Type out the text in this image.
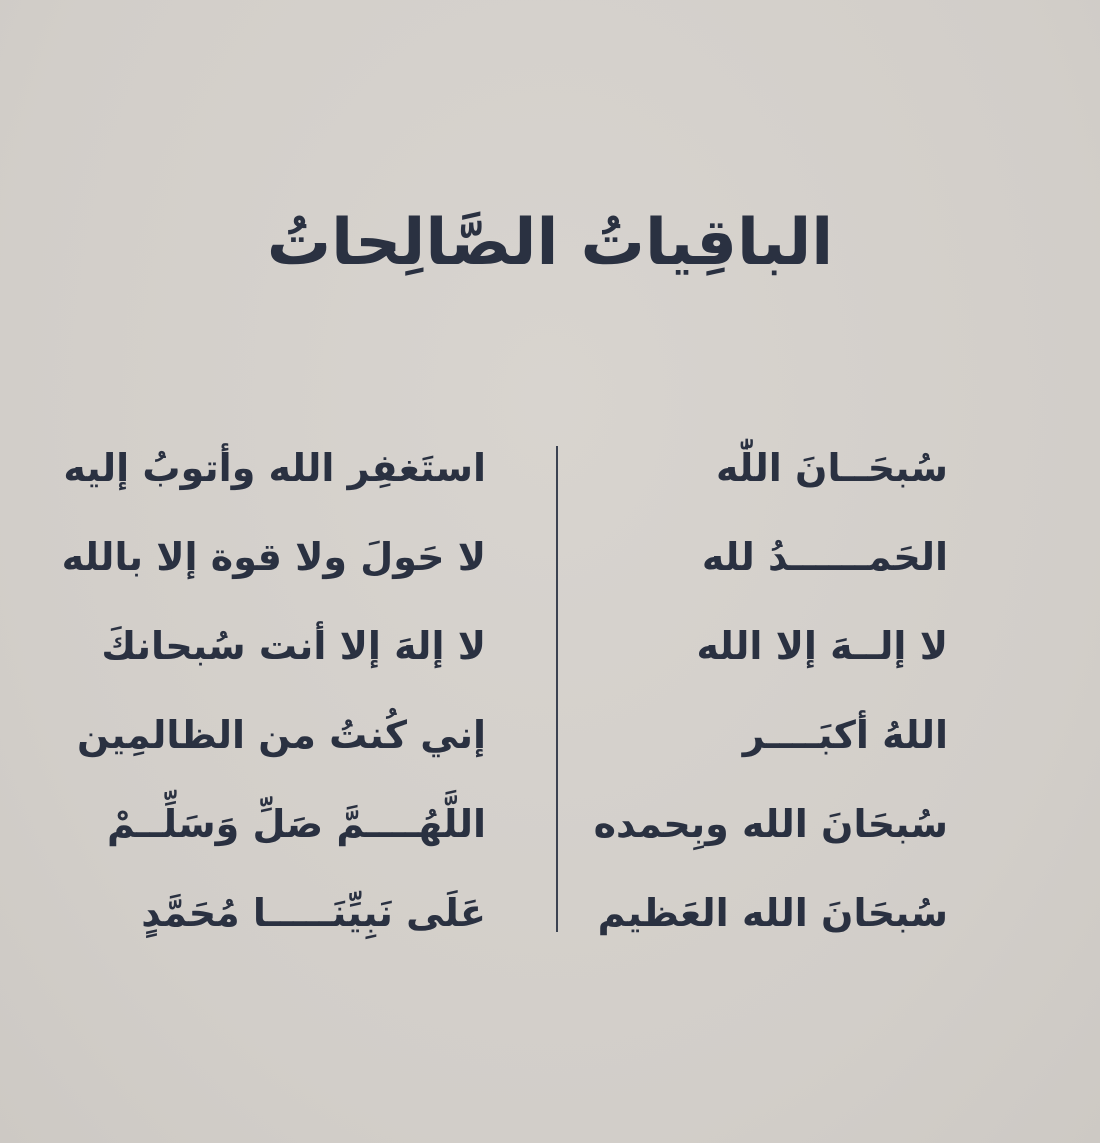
الباقِياتُ الصَّالِحاتُ
سُبحَــانَ اللّٰه
الحَمــــــدُ لله
لا إلــهَ إلا الله
اللهُ أكبَــــر
سُبحَانَ الله وبِحمده
سُبحَانَ الله العَظيم
استَغفِر الله وأتوبُ إليه
لا حَولَ ولا قوة إلا بالله
لا إلهَ إلا أنت سُبحانكَ
إني كُنتُ من الظالمِين
اللَّهُــــمَّ صَلِّ وَسَلِّــمْ
عَلَى نَبِيِّنَـــــا مُحَمَّدٍ
